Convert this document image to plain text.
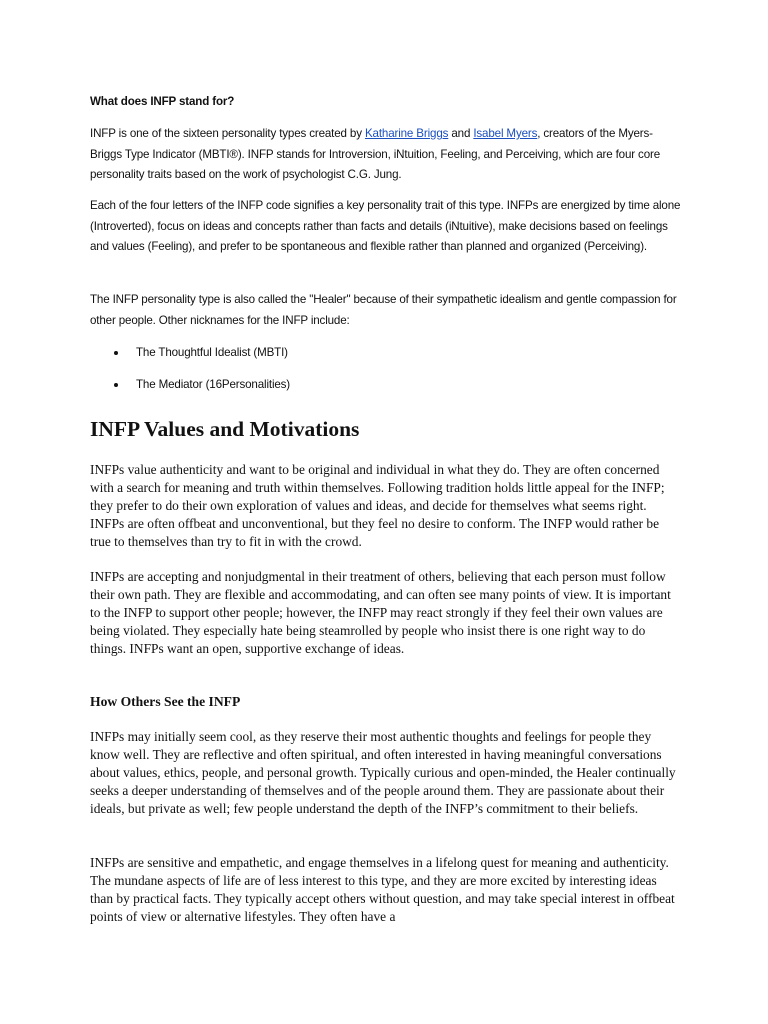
What does INFP stand for?

INFP is one of the sixteen personality types created by Katharine Briggs and Isabel Myers, creators of the Myers-Briggs Type Indicator (MBTI®). INFP stands for Introversion, iNtuition, Feeling, and Perceiving, which are four core personality traits based on the work of psychologist C.G. Jung.

Each of the four letters of the INFP code signifies a key personality trait of this type. INFPs are energized by time alone (Introverted), focus on ideas and concepts rather than facts and details (iNtuitive), make decisions based on feelings and values (Feeling), and prefer to be spontaneous and flexible rather than planned and organized (Perceiving).

The INFP personality type is also called the "Healer" because of their sympathetic idealism and gentle compassion for other people. Other nicknames for the INFP include:

The Thoughtful Idealist (MBTI)
The Mediator (16Personalities)
INFP Values and Motivations

INFPs value authenticity and want to be original and individual in what they do. They are often concerned with a search for meaning and truth within themselves. Following tradition holds little appeal for the INFP; they prefer to do their own exploration of values and ideas, and decide for themselves what seems right. INFPs are often offbeat and unconventional, but they feel no desire to conform. The INFP would rather be true to themselves than try to fit in with the crowd.

INFPs are accepting and nonjudgmental in their treatment of others, believing that each person must follow their own path. They are flexible and accommodating, and can often see many points of view. It is important to the INFP to support other people; however, the INFP may react strongly if they feel their own values are being violated. They especially hate being steamrolled by people who insist there is one right way to do things. INFPs want an open, supportive exchange of ideas.

How Others See the INFP

INFPs may initially seem cool, as they reserve their most authentic thoughts and feelings for people they know well. They are reflective and often spiritual, and often interested in having meaningful conversations about values, ethics, people, and personal growth. Typically curious and open-minded, the Healer continually seeks a deeper understanding of themselves and of the people around them. They are passionate about their ideals, but private as well; few people understand the depth of the INFP’s commitment to their beliefs.

INFPs are sensitive and empathetic, and engage themselves in a lifelong quest for meaning and authenticity. The mundane aspects of life are of less interest to this type, and they are more excited by interesting ideas than by practical facts. They typically accept others without question, and may take special interest in offbeat points of view or alternative lifestyles. They often have a
